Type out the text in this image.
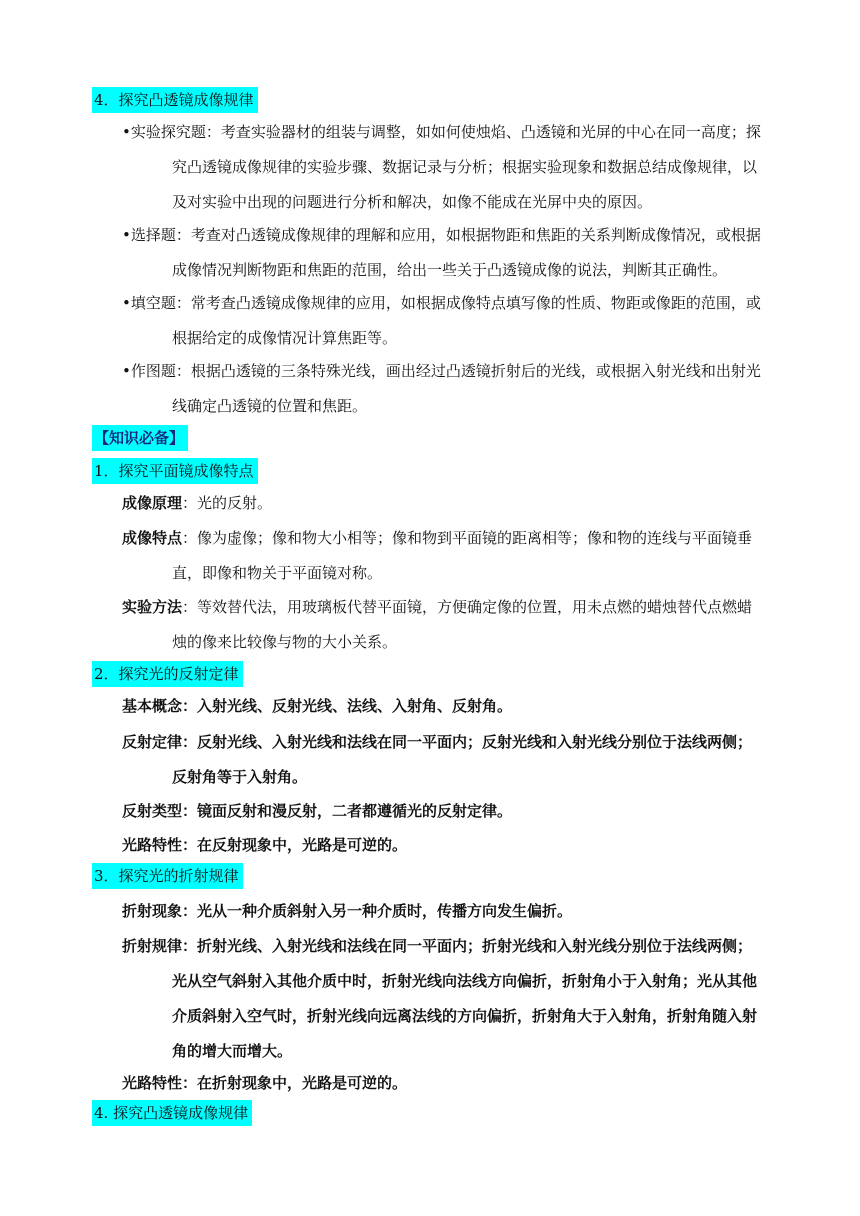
4．探究凸透镜成像规律
•实验探究题：考查实验器材的组装与调整，如如何使烛焰、凸透镜和光屏的中心在同一高度；探
究凸透镜成像规律的实验步骤、数据记录与分析；根据实验现象和数据总结成像规律，以
及对实验中出现的问题进行分析和解决，如像不能成在光屏中央的原因。
•选择题：考查对凸透镜成像规律的理解和应用，如根据物距和焦距的关系判断成像情况，或根据
成像情况判断物距和焦距的范围，给出一些关于凸透镜成像的说法，判断其正确性。
•填空题：常考查凸透镜成像规律的应用，如根据成像特点填写像的性质、物距或像距的范围，或
根据给定的成像情况计算焦距等。
•作图题：根据凸透镜的三条特殊光线，画出经过凸透镜折射后的光线，或根据入射光线和出射光
线确定凸透镜的位置和焦距。
【知识必备】
1．探究平面镜成像特点
成像原理：光的反射。
成像特点：像为虚像；像和物大小相等；像和物到平面镜的距离相等；像和物的连线与平面镜垂
直，即像和物关于平面镜对称。
实验方法：等效替代法，用玻璃板代替平面镜，方便确定像的位置，用未点燃的蜡烛替代点燃蜡
烛的像来比较像与物的大小关系。
2．探究光的反射定律
基本概念：入射光线、反射光线、法线、入射角、反射角。
反射定律：反射光线、入射光线和法线在同一平面内；反射光线和入射光线分别位于法线两侧；
反射角等于入射角。
反射类型：镜面反射和漫反射，二者都遵循光的反射定律。
光路特性：在反射现象中，光路是可逆的。
3．探究光的折射规律
折射现象：光从一种介质斜射入另一种介质时，传播方向发生偏折。
折射规律：折射光线、入射光线和法线在同一平面内；折射光线和入射光线分别位于法线两侧；
光从空气斜射入其他介质中时，折射光线向法线方向偏折，折射角小于入射角；光从其他
介质斜射入空气时，折射光线向远离法线的方向偏折，折射角大于入射角，折射角随入射
角的增大而增大。
光路特性：在折射现象中，光路是可逆的。
4. 探究凸透镜成像规律
